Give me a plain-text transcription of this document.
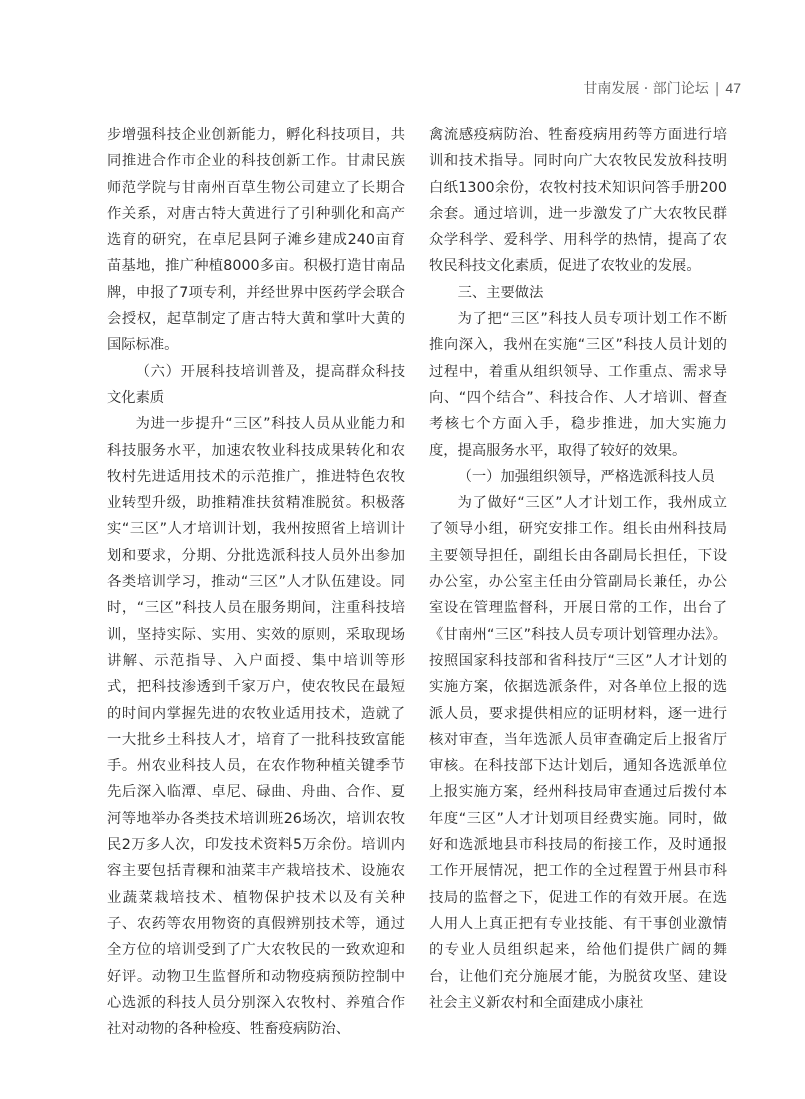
甘南发展 · 部门论坛 | 47

步增强科技企业创新能力，孵化科技项目，共同推进合作市企业的科技创新工作。甘肃民族师范学院与甘南州百草生物公司建立了长期合作关系，对唐古特大黄进行了引种驯化和高产选育的研究，在卓尼县阿子滩乡建成240亩育苗基地，推广种植8000多亩。积极打造甘南品牌，申报了7项专利，并经世界中医药学会联合会授权，起草制定了唐古特大黄和掌叶大黄的国际标准。

（六）开展科技培训普及，提高群众科技文化素质

为进一步提升“三区”科技人员从业能力和科技服务水平，加速农牧业科技成果转化和农牧村先进适用技术的示范推广，推进特色农牧业转型升级，助推精准扶贫精准脱贫。积极落实“三区”人才培训计划，我州按照省上培训计划和要求，分期、分批选派科技人员外出参加各类培训学习，推动“三区”人才队伍建设。同时，“三区”科技人员在服务期间，注重科技培训，坚持实际、实用、实效的原则，采取现场讲解、示范指导、入户面授、集中培训等形式，把科技渗透到千家万户，使农牧民在最短的时间内掌握先进的农牧业适用技术，造就了一大批乡土科技人才，培育了一批科技致富能手。州农业科技人员，在农作物种植关键季节先后深入临潭、卓尼、碌曲、舟曲、合作、夏河等地举办各类技术培训班26场次，培训农牧民2万多人次，印发技术资料5万余份。培训内容主要包括青稞和油菜丰产栽培技术、设施农业蔬菜栽培技术、植物保护技术以及有关种子、农药等农用物资的真假辨别技术等，通过全方位的培训受到了广大农牧民的一致欢迎和好评。动物卫生监督所和动物疫病预防控制中心选派的科技人员分别深入农牧村、养殖合作社对动物的各种检疫、牲畜疫病防治、

禽流感疫病防治、牲畜疫病用药等方面进行培训和技术指导。同时向广大农牧民发放科技明白纸1300余份，农牧村技术知识问答手册200余套。通过培训，进一步激发了广大农牧民群众学科学、爱科学、用科学的热情，提高了农牧民科技文化素质，促进了农牧业的发展。

三、主要做法

为了把“三区”科技人员专项计划工作不断推向深入，我州在实施“三区”科技人员计划的过程中，着重从组织领导、工作重点、需求导向、“四个结合”、科技合作、人才培训、督查考核七个方面入手，稳步推进，加大实施力度，提高服务水平，取得了较好的效果。

（一）加强组织领导，严格选派科技人员

为了做好“三区”人才计划工作，我州成立了领导小组，研究安排工作。组长由州科技局主要领导担任，副组长由各副局长担任，下设办公室，办公室主任由分管副局长兼任，办公室设在管理监督科，开展日常的工作，出台了《甘南州“三区”科技人员专项计划管理办法》。按照国家科技部和省科技厅“三区”人才计划的实施方案，依据选派条件，对各单位上报的选派人员，要求提供相应的证明材料，逐一进行核对审查，当年选派人员审查确定后上报省厅审核。在科技部下达计划后，通知各选派单位上报实施方案，经州科技局审查通过后拨付本年度“三区”人才计划项目经费实施。同时，做好和选派地县市科技局的衔接工作，及时通报工作开展情况，把工作的全过程置于州县市科技局的监督之下，促进工作的有效开展。在选人用人上真正把有专业技能、有干事创业激情的专业人员组织起来，给他们提供广阔的舞台，让他们充分施展才能，为脱贫攻坚、建设社会主义新农村和全面建成小康社
